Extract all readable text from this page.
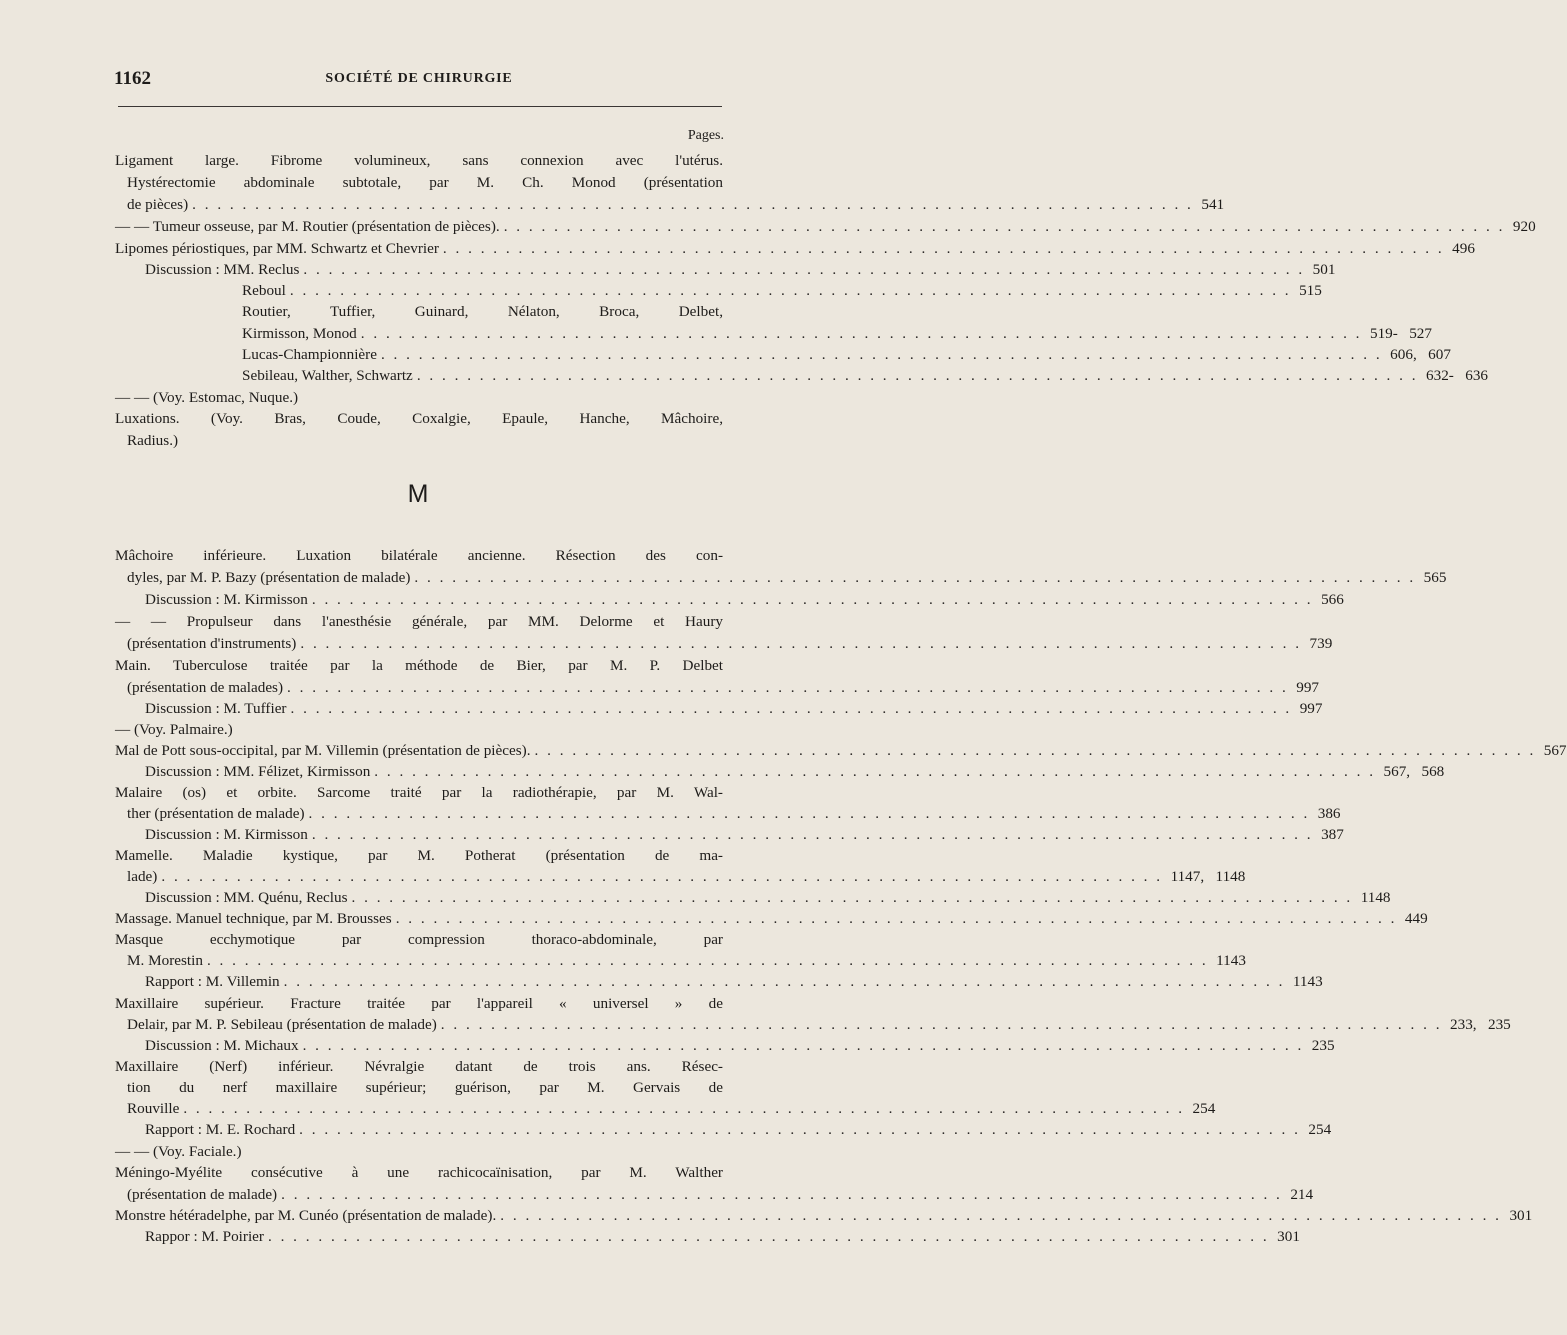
1162	SOCIÉTÉ DE CHIRURGIE
Pages.
M
Ligament large. Fibrome volumineux, sans connexion avec l'utérus.
Hystérectomie abdominale subtotale, par M. Ch. Monod (présentation
de pièces) . . . . . . . . . . . . . . . . . . . . . . . . . . . . . . . . . . . . . . . . . . . . . . . . . . . . . . . . . . . . . . . . . . . . . . . . . . . . . . . . 541
— — Tumeur osseuse, par M. Routier (présentation de pièces). . . . . . . . . . . . . . . . . . . . . . . . . . . . . . . . . . . . . . . . . . . . . . . . . . . . . . . . . . . . . . . . . . . . . . . . . . . . . . . . . 920
Lipomes périostiques, par MM. Schwartz et Chevrier . . . . . . . . . . . . . . . . . . . . . . . . . . . . . . . . . . . . . . . . . . . . . . . . . . . . . . . . . . . . . . . . . . . . . . . . . . . . . . . . 496
Discussion : MM. Reclus . . . . . . . . . . . . . . . . . . . . . . . . . . . . . . . . . . . . . . . . . . . . . . . . . . . . . . . . . . . . . . . . . . . . . . . . . . . . . . . . 501
Reboul . . . . . . . . . . . . . . . . . . . . . . . . . . . . . . . . . . . . . . . . . . . . . . . . . . . . . . . . . . . . . . . . . . . . . . . . . . . . . . . . 515
Routier, Tuffier, Guinard, Nélaton, Broca, Delbet,
Kirmisson, Monod . . . . . . . . . . . . . . . . . . . . . . . . . . . . . . . . . . . . . . . . . . . . . . . . . . . . . . . . . . . . . . . . . . . . . . . . . . . . . . . . 519-   527
Lucas-Championnière . . . . . . . . . . . . . . . . . . . . . . . . . . . . . . . . . . . . . . . . . . . . . . . . . . . . . . . . . . . . . . . . . . . . . . . . . . . . . . . . 606,   607
Sebileau, Walther, Schwartz . . . . . . . . . . . . . . . . . . . . . . . . . . . . . . . . . . . . . . . . . . . . . . . . . . . . . . . . . . . . . . . . . . . . . . . . . . . . . . . . 632-   636
— — (Voy. Estomac, Nuque.)
Luxations. (Voy. Bras, Coude, Coxalgie, Epaule, Hanche, Mâchoire,
Radius.)
Mâchoire inférieure. Luxation bilatérale ancienne. Résection des con-
dyles, par M. P. Bazy (présentation de malade) . . . . . . . . . . . . . . . . . . . . . . . . . . . . . . . . . . . . . . . . . . . . . . . . . . . . . . . . . . . . . . . . . . . . . . . . . . . . . . . . 565
Discussion : M. Kirmisson . . . . . . . . . . . . . . . . . . . . . . . . . . . . . . . . . . . . . . . . . . . . . . . . . . . . . . . . . . . . . . . . . . . . . . . . . . . . . . . . 566
— — Propulseur dans l'anesthésie générale, par MM. Delorme et Haury
(présentation d'instruments) . . . . . . . . . . . . . . . . . . . . . . . . . . . . . . . . . . . . . . . . . . . . . . . . . . . . . . . . . . . . . . . . . . . . . . . . . . . . . . . . 739
Main. Tuberculose traitée par la méthode de Bier, par M. P. Delbet
(présentation de malades) . . . . . . . . . . . . . . . . . . . . . . . . . . . . . . . . . . . . . . . . . . . . . . . . . . . . . . . . . . . . . . . . . . . . . . . . . . . . . . . . 997
Discussion : M. Tuffier . . . . . . . . . . . . . . . . . . . . . . . . . . . . . . . . . . . . . . . . . . . . . . . . . . . . . . . . . . . . . . . . . . . . . . . . . . . . . . . . 997
— (Voy. Palmaire.)
Mal de Pott sous-occipital, par M. Villemin (présentation de pièces). . . . . . . . . . . . . . . . . . . . . . . . . . . . . . . . . . . . . . . . . . . . . . . . . . . . . . . . . . . . . . . . . . . . . . . . . . . . . . . . . 567
Discussion : MM. Félizet, Kirmisson . . . . . . . . . . . . . . . . . . . . . . . . . . . . . . . . . . . . . . . . . . . . . . . . . . . . . . . . . . . . . . . . . . . . . . . . . . . . . . . . 567,   568
Malaire (os) et orbite. Sarcome traité par la radiothérapie, par M. Wal-
ther (présentation de malade) . . . . . . . . . . . . . . . . . . . . . . . . . . . . . . . . . . . . . . . . . . . . . . . . . . . . . . . . . . . . . . . . . . . . . . . . . . . . . . . . 386
Discussion : M. Kirmisson . . . . . . . . . . . . . . . . . . . . . . . . . . . . . . . . . . . . . . . . . . . . . . . . . . . . . . . . . . . . . . . . . . . . . . . . . . . . . . . . 387
Mamelle. Maladie kystique, par M. Potherat (présentation de ma-
lade) . . . . . . . . . . . . . . . . . . . . . . . . . . . . . . . . . . . . . . . . . . . . . . . . . . . . . . . . . . . . . . . . . . . . . . . . . . . . . . . . 1147,   1148
Discussion : MM. Quénu, Reclus . . . . . . . . . . . . . . . . . . . . . . . . . . . . . . . . . . . . . . . . . . . . . . . . . . . . . . . . . . . . . . . . . . . . . . . . . . . . . . . . 1148
Massage. Manuel technique, par M. Brousses . . . . . . . . . . . . . . . . . . . . . . . . . . . . . . . . . . . . . . . . . . . . . . . . . . . . . . . . . . . . . . . . . . . . . . . . . . . . . . . . 449
Masque ecchymotique par compression thoraco-abdominale, par
M. Morestin . . . . . . . . . . . . . . . . . . . . . . . . . . . . . . . . . . . . . . . . . . . . . . . . . . . . . . . . . . . . . . . . . . . . . . . . . . . . . . . . 1143
Rapport : M. Villemin . . . . . . . . . . . . . . . . . . . . . . . . . . . . . . . . . . . . . . . . . . . . . . . . . . . . . . . . . . . . . . . . . . . . . . . . . . . . . . . . 1143
Maxillaire supérieur. Fracture traitée par l'appareil « universel » de
Delair, par M. P. Sebileau (présentation de malade) . . . . . . . . . . . . . . . . . . . . . . . . . . . . . . . . . . . . . . . . . . . . . . . . . . . . . . . . . . . . . . . . . . . . . . . . . . . . . . . . 233,   235
Discussion : M. Michaux . . . . . . . . . . . . . . . . . . . . . . . . . . . . . . . . . . . . . . . . . . . . . . . . . . . . . . . . . . . . . . . . . . . . . . . . . . . . . . . . 235
Maxillaire (Nerf) inférieur. Névralgie datant de trois ans. Résec-
tion du nerf maxillaire supérieur; guérison, par M. Gervais de
Rouville . . . . . . . . . . . . . . . . . . . . . . . . . . . . . . . . . . . . . . . . . . . . . . . . . . . . . . . . . . . . . . . . . . . . . . . . . . . . . . . . 254
Rapport : M. E. Rochard . . . . . . . . . . . . . . . . . . . . . . . . . . . . . . . . . . . . . . . . . . . . . . . . . . . . . . . . . . . . . . . . . . . . . . . . . . . . . . . . 254
— — (Voy. Faciale.)
Méningo-Myélite consécutive à une rachicocaïnisation, par M. Walther
(présentation de malade) . . . . . . . . . . . . . . . . . . . . . . . . . . . . . . . . . . . . . . . . . . . . . . . . . . . . . . . . . . . . . . . . . . . . . . . . . . . . . . . . 214
Monstre hétéradelphe, par M. Cunéo (présentation de malade). . . . . . . . . . . . . . . . . . . . . . . . . . . . . . . . . . . . . . . . . . . . . . . . . . . . . . . . . . . . . . . . . . . . . . . . . . . . . . . . . 301
Rappor : M. Poirier . . . . . . . . . . . . . . . . . . . . . . . . . . . . . . . . . . . . . . . . . . . . . . . . . . . . . . . . . . . . . . . . . . . . . . . . . . . . . . . . 301
